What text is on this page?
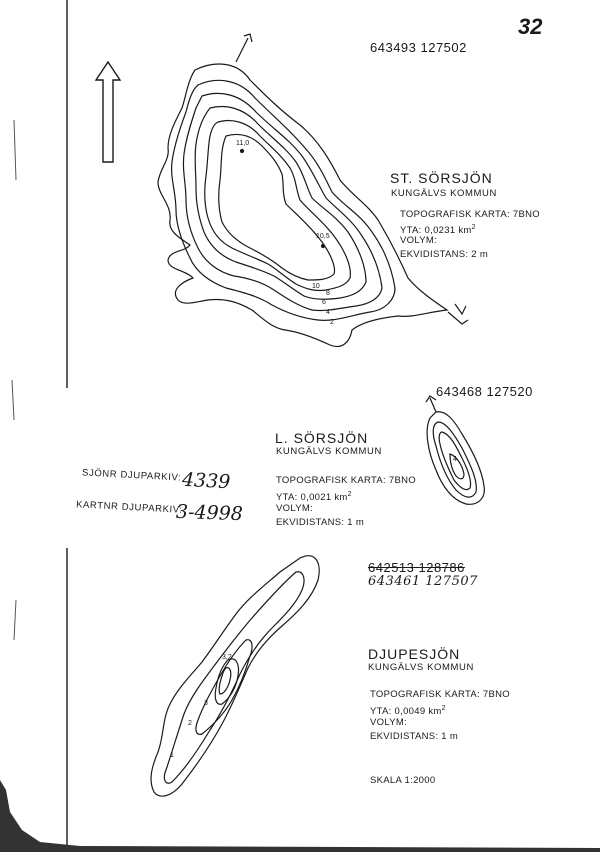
32
11,0
10,5
10
8
6
4
2
643493 127502
ST. SÖRSJÖN
KUNGÄLVS KOMMUN
TOPOGRAFISK KARTA: 7BNO
YTA: 0,0231 $km^2$
VOLYM:
EKVIDISTANS: 2 m
643468 127520
4
L. SÖRSJÖN
KUNGÄLVS KOMMUN
TOPOGRAFISK KARTA: 7BNO
YTA: 0,0021 $km^2$
VOLYM:
EKVIDISTANS: 1 m
SJÖNR DJUPARKIV: 4339
KARTNR DJUPARKIV:
3-4998
3,2
3
2
1
642513 128786
643461 127507
DJUPESJÖN
KUNGÄLVS KOMMUN
TOPOGRAFISK KARTA: 7BNO
YTA: 0,0049 $km^2$
VOLYM:
EKVIDISTANS: 1 m
SKALA 1:2000
